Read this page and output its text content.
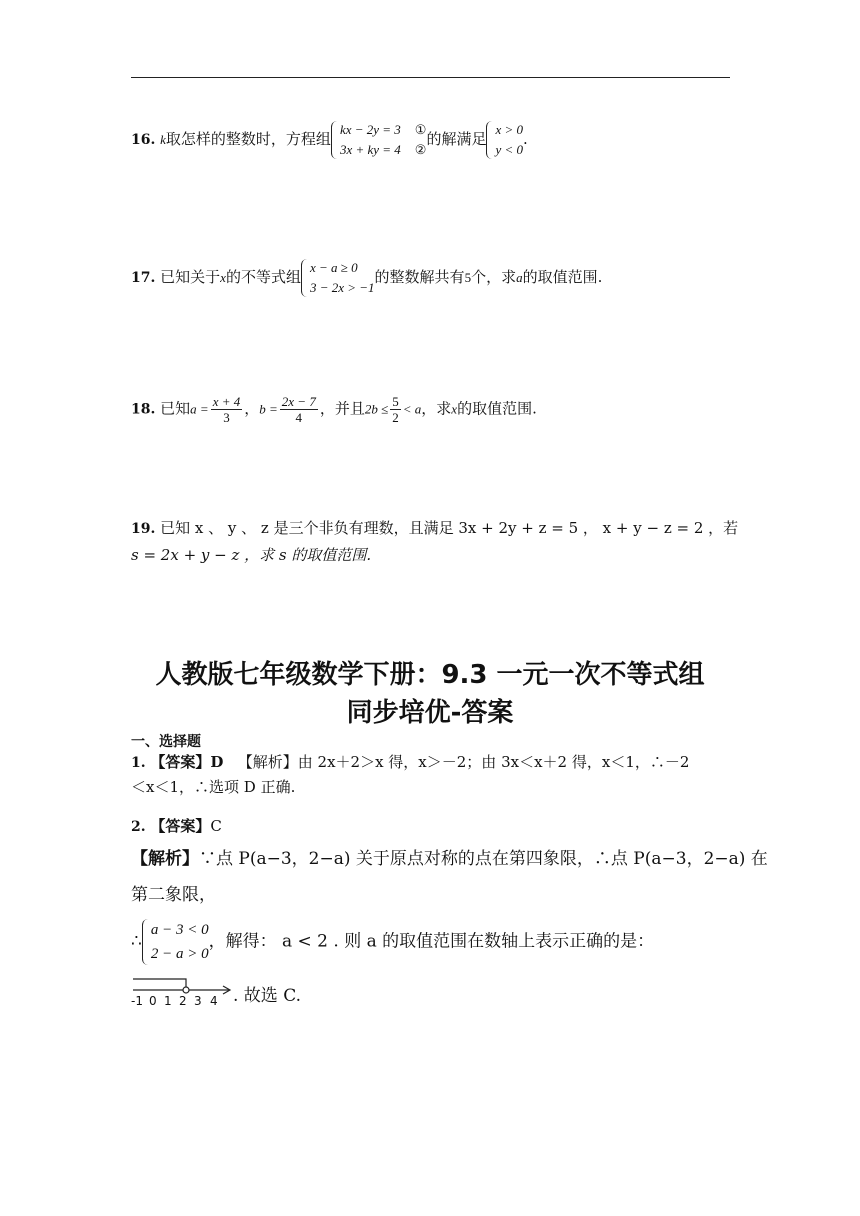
16. k取怎样的整数时，方程组
kx − 2y = 3 ①
3x + ky = 4 ②
的解满足
x > 0
y < 0
.
17. 已知关于x的不等式组
x − a ≥ 0
3 − 2x > −1
的整数解共有5个，求a的取值范围.
18. 已知$a = \frac{x + 4}{3}$ ，$b = \frac{2x - 7}{4}$ ，并且$2b \le \frac{5}{2} < a$，求x的取值范围.
19. 已知 x 、 y 、 z 是三个非负有理数，且满足 3x + 2y + z = 5 ， x + y − z = 2 ，若
s = 2x + y − z ，求 s 的取值范围.
人教版七年级数学下册：9.3 一元一次不等式组
同步培优-答案
一、选择题
1. 【答案】D 【解析】由 2x＋2＞x 得，x＞－2；由 3x＜x＋2 得，x＜1，∴－2
＜x＜1，∴选项 D 正确.
2. 【答案】C
【解析】∵点 P(a−3，2−a) 关于原点对称的点在第四象限，∴点 P(a−3，2−a) 在
第二象限，
∴
a − 3 < 0
2 − a > 0
，解得： a < 2 . 则 a 的取值范围在数轴上表示正确的是：
-1 0 1 2 3 4 . 故选 C.
